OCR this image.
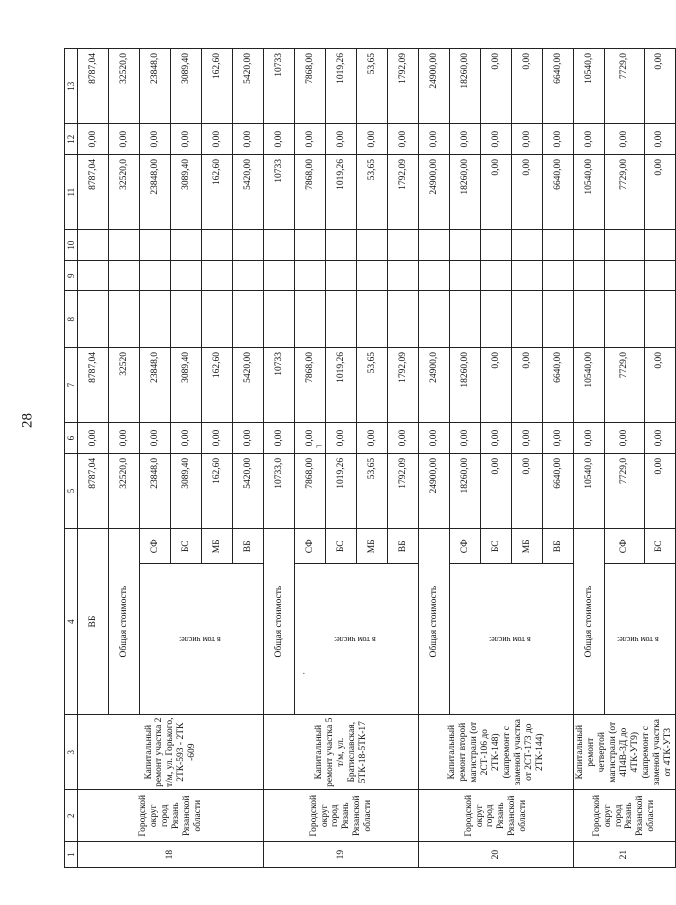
28
⌐
·
1	2	3	4		5	6	7	8	9	10	11	12	13
18	Городской округ город Рязань Рязанской области	Капитальный ремонт участка 2 т/м, ул. Горького, 2ТК-593 - 2ТК -609	ВБ		8787,04	0,00	8787,04				8787,04	0,00	8787,04
			Общая стоимость		32520,0	0,00	32520				32520,0	0,00	32520,0
			в том числе:	СФ	23848,0	0,00	23848,0				23848,00	0,00	23848,0
				БС	3089,40	0,00	3089,40				3089,40	0,00	3089,40
				МБ	162,60	0,00	162,60				162,60	0,00	162,60
				ВБ	5420,00	0,00	5420,00				5420,00	0,00	5420,00
19	Городской округ город Рязань Рязанской области	Капитальный ремонт участка 5 т/м, ул. Братиславская, 5ТК-18-5ТК-17	Общая стоимость		10733,0	0,00	10733				10733	0,00	10733
			в том числе:	СФ	7868,00	0,00	7868,00				7868,00	0,00	7868,00
				БС	1019,26	0,00	1019,26				1019,26	0,00	1019,26
				МБ	53,65	0,00	53,65				53,65	0,00	53,65
				ВБ	1792,09	0,00	1792,09				1792,09	0,00	1792,09
20	Городской округ город Рязань Рязанской области	Капитальный ремонт второй магистрали (от 2СТ-106 до 2ТК-148) (капремонт с заменой участка от 2СТ-173 до 2ТК-144)	Общая стоимость		24900,00	0,00	24900,0				24900,00	0,00	24900,00
			в том числе:	СФ	18260,00	0,00	18260,00				18260,00	0,00	18260,00
				БС	0,00	0,00	0,00				0,00	0,00	0,00
				МБ	0,00	0,00	0,00				0,00	0,00	0,00
				ВБ	6640,00	0,00	6640,00				6640,00	0,00	6640,00
21	Городской округ город Рязань Рязанской области	Капитальный ремонт четвертой магистрали (от 4П4В-3Д до 4ТК-УТ9) (капремонт с заменой участка от 4ТК-УТ3	Общая стоимость		10540,0	0,00	10540,00				10540,00	0,00	10540,0
			в том числе:	СФ	7729,0	0,00	7729,0				7729,00	0,00	7729,0
				БС	0,00	0,00	0,00				0,00	0,00	0,00
